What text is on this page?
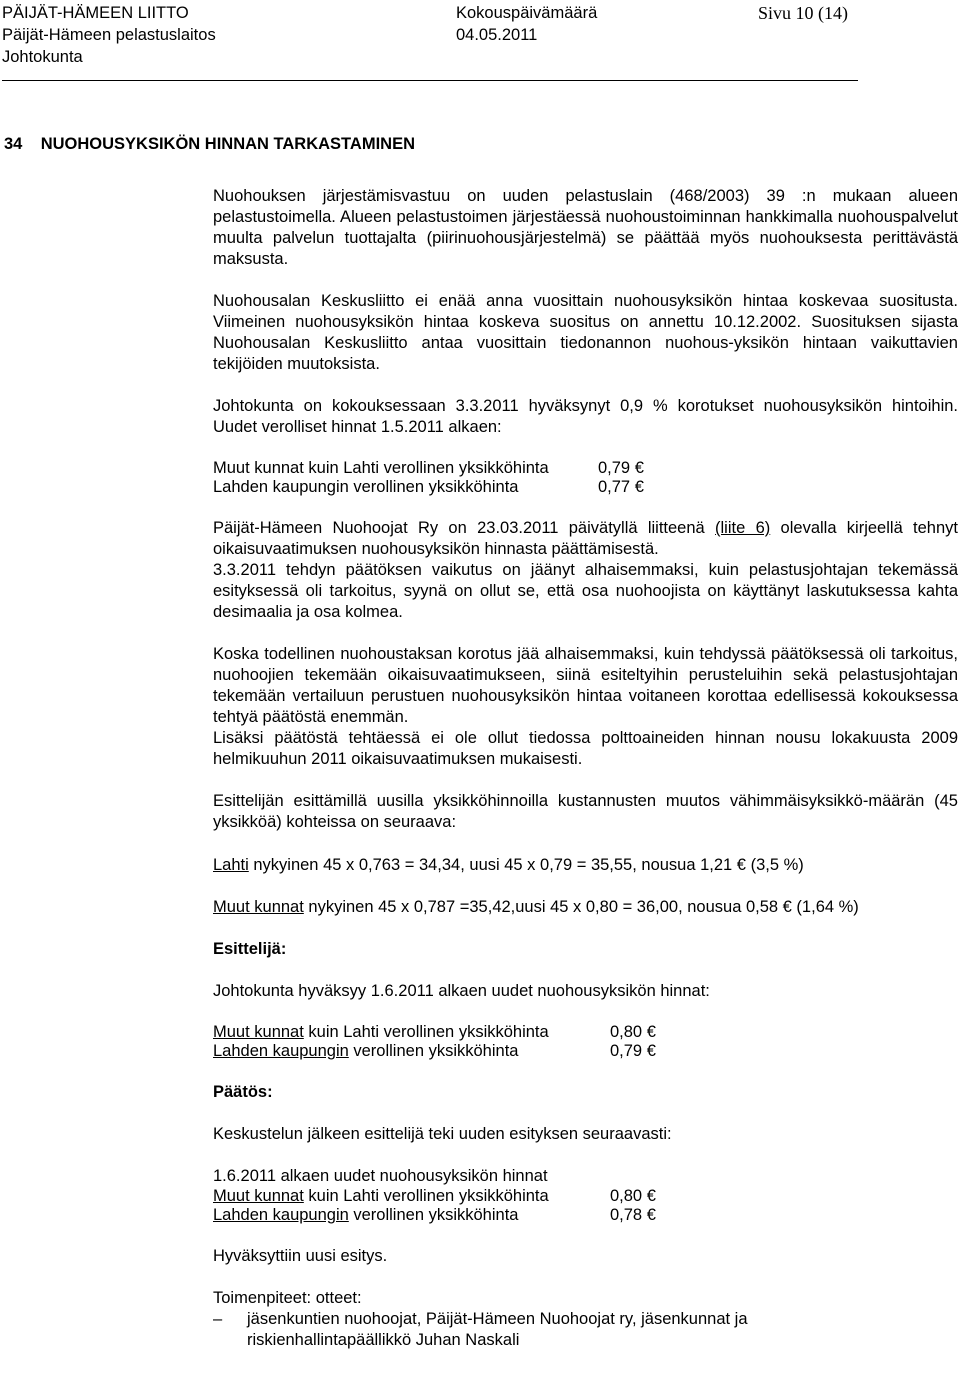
PÄIJÄT-HÄMEEN LIITTO
Päijät-Hämeen pelastuslaitos
Johtokunta
Kokouspäivämäärä
04.05.2011
Sivu 10 (14)
34    NUOHOUSYKSIKÖN HINNAN TARKASTAMINEN

Nuohouksen järjestämisvastuu on uuden pelastuslain (468/2003) 39 :n mukaan alueen pelastustoimella. Alueen pelastustoimen järjestäessä nuohoustoiminnan hankkimalla nuohouspalvelut muulta palvelun tuottajalta (piirinuohousjärjestelmä) se päättää myös nuohouksesta perittävästä maksusta.

Nuohousalan Keskusliitto ei enää anna vuosittain nuohousyksikön hintaa koskevaa suositusta. Viimeinen nuohousyksikön hintaa koskeva suositus on annettu 10.12.2002. Suosituksen sijasta Nuohousalan Keskusliitto antaa vuosittain tiedonannon nuohous-yksikön hintaan vaikuttavien tekijöiden muutoksista.

Johtokunta on kokouksessaan 3.3.2011 hyväksynyt 0,9 % korotukset nuohousyksikön hintoihin. Uudet verolliset hinnat 1.5.2011 alkaen:

Muut kunnat kuin Lahti verollinen yksikköhinta	0,79 €
Lahden kaupungin verollinen yksikköhinta	0,77 €

Päijät-Hämeen Nuohoojat Ry on 23.03.2011 päivätyllä liitteenä (liite 6) olevalla kirjeellä tehnyt oikaisuvaatimuksen nuohousyksikön hinnasta päättämisestä.

3.3.2011 tehdyn päätöksen vaikutus on jäänyt alhaisemmaksi, kuin pelastusjohtajan tekemässä esityksessä oli tarkoitus, syynä on ollut se, että osa nuohoojista on käyttänyt laskutuksessa kahta desimaalia ja osa kolmea.

Koska todellinen nuohoustaksan korotus jää alhaisemmaksi, kuin tehdyssä päätöksessä oli tarkoitus, nuohoojien tekemään oikaisuvaatimukseen, siinä esiteltyihin perusteluihin sekä pelastusjohtajan tekemään vertailuun perustuen nuohousyksikön hintaa voitaneen korottaa edellisessä kokouksessa tehtyä päätöstä enemmän.

Lisäksi päätöstä tehtäessä ei ole ollut tiedossa polttoaineiden hinnan nousu lokakuusta 2009 helmikuuhun 2011 oikaisuvaatimuksen mukaisesti.

Esittelijän esittämillä uusilla yksikköhinnoilla kustannusten muutos vähimmäisyksikkö-määrän (45 yksikköä) kohteissa on seuraava:

Lahti nykyinen 45 x 0,763 = 34,34, uusi 45 x 0,79 = 35,55, nousua 1,21 € (3,5 %)

Muut kunnat nykyinen 45 x 0,787 =35,42,uusi 45 x 0,80 = 36,00, nousua 0,58 € (1,64 %)

Esittelijä:

Johtokunta hyväksyy 1.6.2011 alkaen uudet nuohousyksikön hinnat:

Muut kunnat kuin Lahti verollinen yksikköhinta	0,80 €
Lahden kaupungin verollinen yksikköhinta	0,79 €

Päätös:

Keskustelun jälkeen esittelijä teki uuden esityksen seuraavasti:

1.6.2011 alkaen uudet nuohousyksikön hinnat

Muut kunnat kuin Lahti verollinen yksikköhinta	0,80 €
Lahden kaupungin verollinen yksikköhinta	0,78 €

Hyväksyttiin uusi esitys.

Toimenpiteet: otteet:

– jäsenkuntien nuohoojat, Päijät-Hämeen Nuohoojat ry, jäsenkunnat ja

riskienhallintapäällikkö Juhan Naskali
